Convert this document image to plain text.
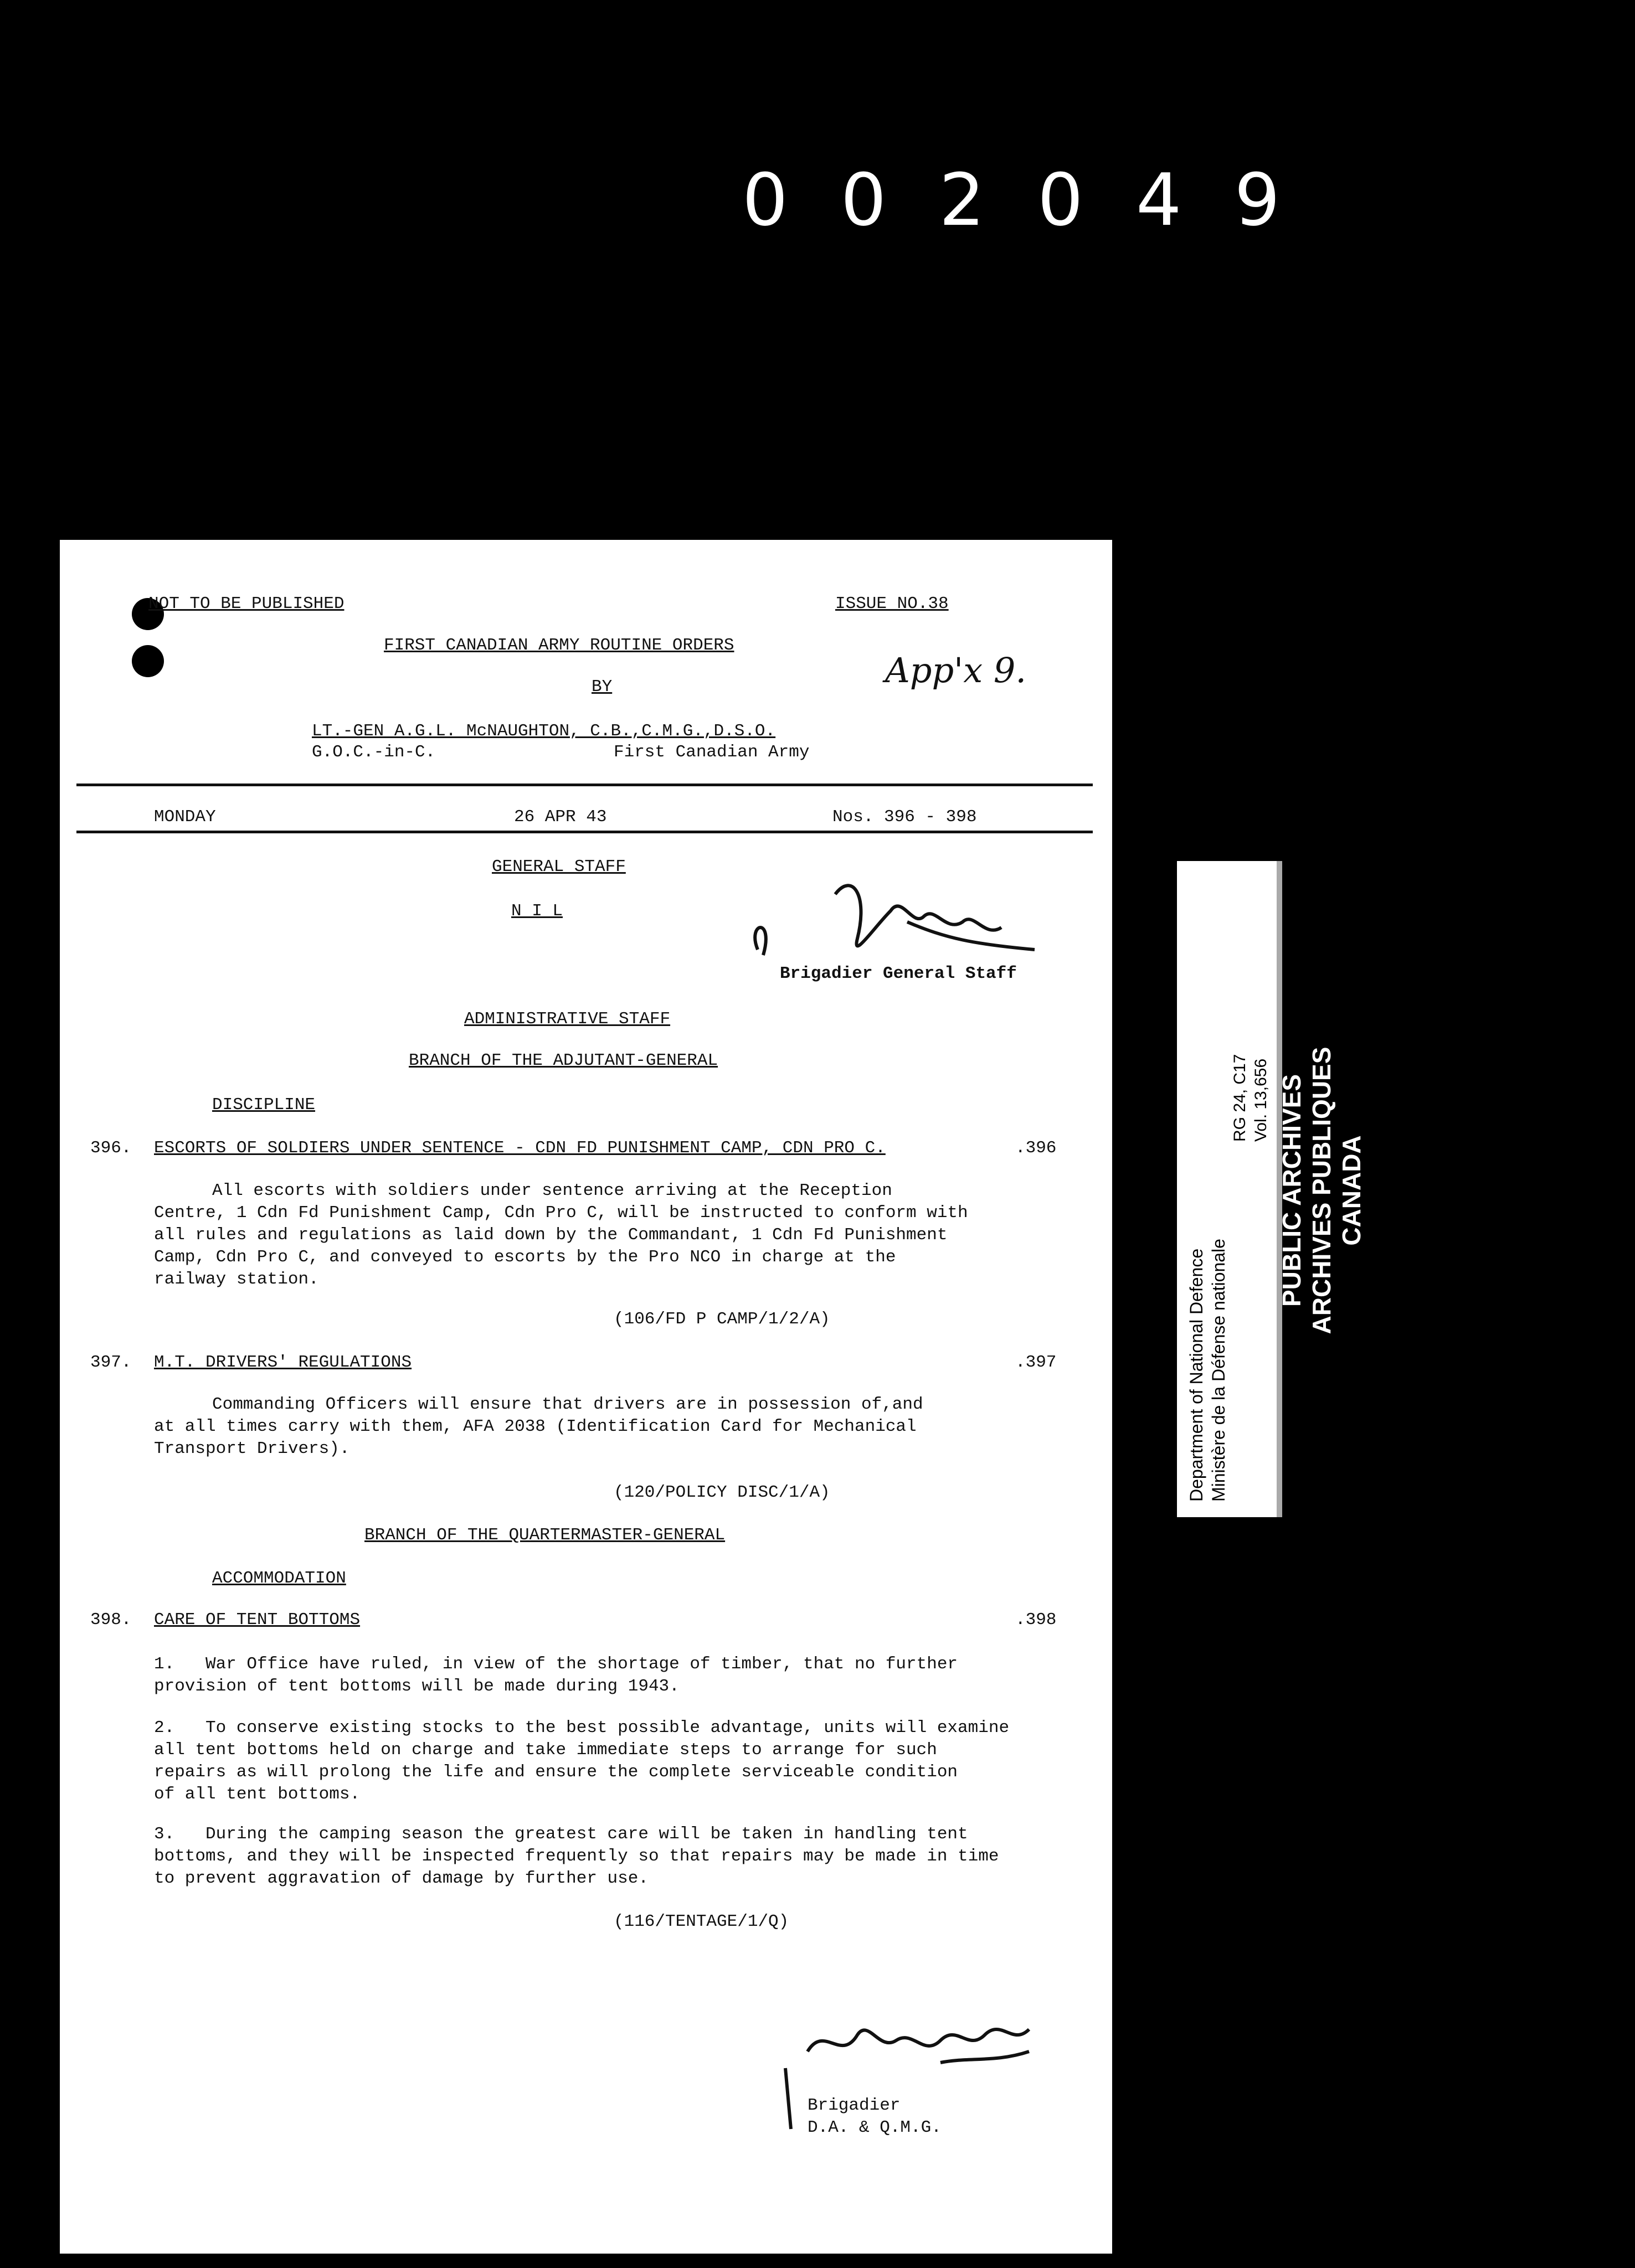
002049
NOT TO BE PUBLISHED	ISSUE NO.38
FIRST CANADIAN ARMY ROUTINE ORDERS
BY	App'x 9.
LT.-GEN A.G.L. McNAUGHTON, C.B.,C.M.G.,D.S.O.
G.O.C.-in-C.	First Canadian Army
MONDAY	26 APR 43	Nos. 396 - 398
GENERAL STAFF
N I L
Brigadier General Staff
ADMINISTRATIVE STAFF
BRANCH OF THE ADJUTANT-GENERAL
DISCIPLINE
396. ESCORTS OF SOLDIERS UNDER SENTENCE - CDN FD PUNISHMENT CAMP, CDN PRO C.	.396
All escorts with soldiers under sentence arriving at the Reception
Centre, 1 Cdn Fd Punishment Camp, Cdn Pro C, will be instructed to conform with
all rules and regulations as laid down by the Commandant, 1 Cdn Fd Punishment
Camp, Cdn Pro C, and conveyed to escorts by the Pro NCO in charge at the
railway station.
(106/FD P CAMP/1/2/A)
397. M.T. DRIVERS' REGULATIONS	.397
Commanding Officers will ensure that drivers are in possession of,and
at all times carry with them, AFA 2038 (Identification Card for Mechanical
Transport Drivers).
(120/POLICY DISC/1/A)
BRANCH OF THE QUARTERMASTER-GENERAL
ACCOMMODATION
398. CARE OF TENT BOTTOMS	.398
1.   War Office have ruled, in view of the shortage of timber, that no further
provision of tent bottoms will be made during 1943.
2.   To conserve existing stocks to the best possible advantage, units will examine
all tent bottoms held on charge and take immediate steps to arrange for such
repairs as will prolong the life and ensure the complete serviceable condition
of all tent bottoms.
3.   During the camping season the greatest care will be taken in handling tent
bottoms, and they will be inspected frequently so that repairs may be made in time
to prevent aggravation of damage by further use.
(116/TENTAGE/1/Q)
Brigadier
D.A. & Q.M.G.
Department of National Defence Ministère de la Défense nationale
RG 24, C17 Vol. 13,656 PUBLIC ARCHIVES ARCHIVES PUBLIQUES CANADA
